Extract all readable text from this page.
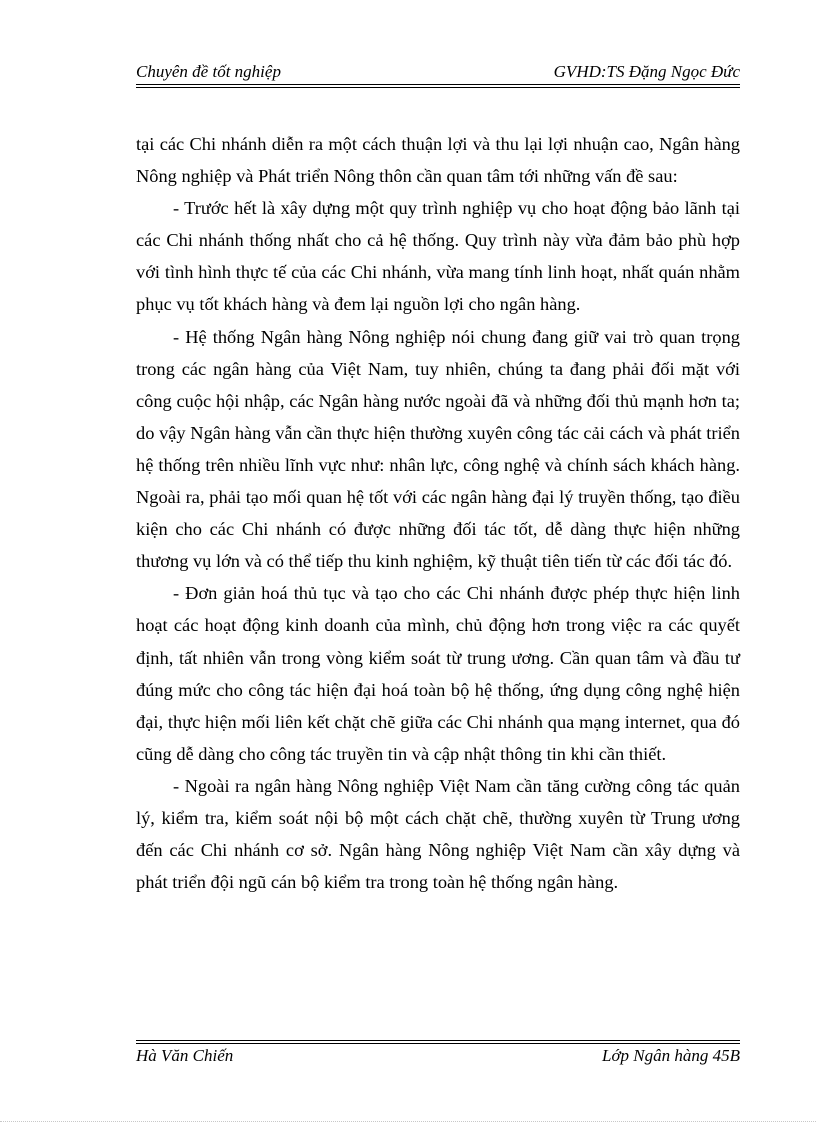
Chuyên đề tốt nghiệp	GVHD:TS Đặng Ngọc Đức

tại các Chi nhánh diễn ra một cách thuận lợi và thu lại lợi nhuận cao, Ngân hàng Nông nghiệp và Phát triển Nông thôn cần quan tâm tới những vấn đề sau:

- Trước hết là xây dựng một quy trình nghiệp vụ cho hoạt động bảo lãnh tại các Chi nhánh thống nhất cho cả hệ thống. Quy trình này vừa đảm bảo phù hợp với tình hình thực tế của các Chi nhánh, vừa mang tính linh hoạt, nhất quán nhằm phục vụ tốt khách hàng và đem lại nguồn lợi cho ngân hàng.

- Hệ thống Ngân hàng Nông nghiệp nói chung đang giữ vai trò quan trọng trong các ngân hàng của Việt Nam, tuy nhiên, chúng ta đang phải đối mặt với công cuộc hội nhập, các Ngân hàng nước ngoài đã và những đối thủ mạnh hơn ta; do vậy Ngân hàng vẫn cần thực hiện thường xuyên công tác cải cách và phát triển hệ thống trên nhiều lĩnh vực như: nhân lực, công nghệ và chính sách khách hàng. Ngoài ra, phải tạo mối quan hệ tốt với các ngân hàng đại lý truyền thống, tạo điều kiện cho các Chi nhánh có được những đối tác tốt, dễ dàng thực hiện những thương vụ lớn và có thể tiếp thu kinh nghiệm, kỹ thuật tiên tiến từ các đối tác đó.

- Đơn giản hoá thủ tục và tạo cho các Chi nhánh được phép thực hiện linh hoạt các hoạt động kinh doanh của mình, chủ động hơn trong việc ra các quyết định, tất nhiên vẫn trong vòng kiểm soát từ trung ương. Cần quan tâm và đầu tư đúng mức cho công tác hiện đại hoá toàn bộ hệ thống, ứng dụng công nghệ hiện đại, thực hiện mối liên kết chặt chẽ giữa các Chi nhánh qua mạng internet, qua đó cũng dễ dàng cho công tác truyền tin và cập nhật thông tin khi cần thiết.

- Ngoài ra ngân hàng Nông nghiệp Việt Nam cần tăng cường công tác quản lý, kiểm tra, kiểm soát nội bộ một cách chặt chẽ, thường xuyên từ Trung ương đến các Chi nhánh cơ sở. Ngân hàng Nông nghiệp Việt Nam cần xây dựng và phát triển đội ngũ cán bộ kiểm tra trong toàn hệ thống ngân hàng.

Hà Văn Chiến	Lớp Ngân hàng 45B
